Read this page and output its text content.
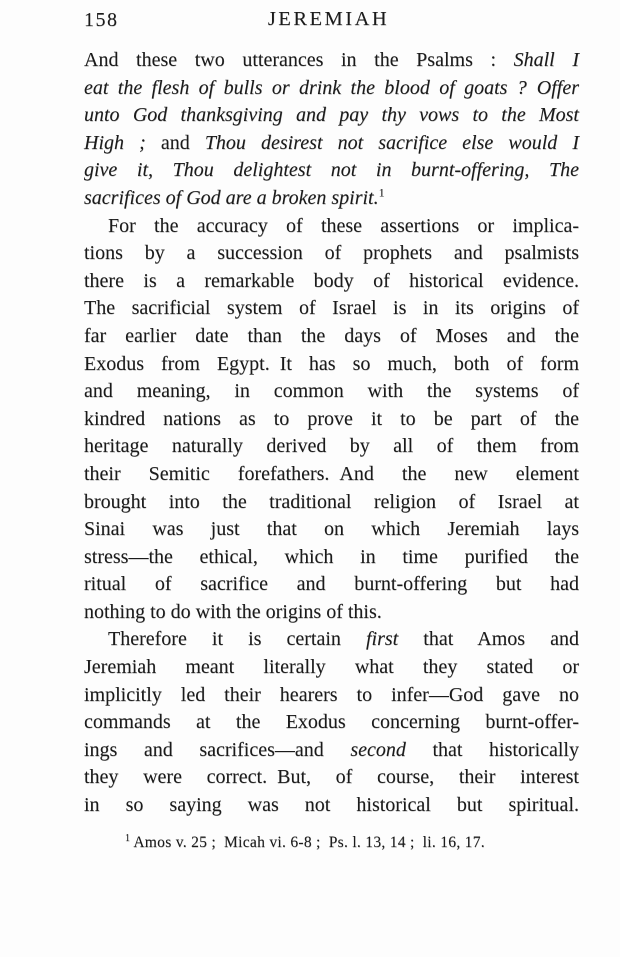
158	JEREMIAH
And these two utterances in the Psalms : Shall I
eat the flesh of bulls or drink the blood of goats ? Offer
unto God thanksgiving and pay thy vows to the Most
High ; and Thou desirest not sacrifice else would I
give it, Thou delightest not in burnt-offering, The
sacrifices of God are a broken spirit.$^1$
For the accuracy of these assertions or implica-
tions by a succession of prophets and psalmists
there is a remarkable body of historical evidence.
The sacrificial system of Israel is in its origins of
far earlier date than the days of Moses and the
Exodus from Egypt. It has so much, both of form
and meaning, in common with the systems of
kindred nations as to prove it to be part of the
heritage naturally derived by all of them from
their Semitic forefathers. And the new element
brought into the traditional religion of Israel at
Sinai was just that on which Jeremiah lays
stress—the ethical, which in time purified the
ritual of sacrifice and burnt-offering but had
nothing to do with the origins of this.
Therefore it is certain first that Amos and
Jeremiah meant literally what they stated or
implicitly led their hearers to infer—God gave no
commands at the Exodus concerning burnt-offer-
ings and sacrifices—and second that historically
they were correct. But, of course, their interest
in so saying was not historical but spiritual.
$^1$ Amos v. 25 ; Micah vi. 6-8 ; Ps. l. 13, 14 ; li. 16, 17.
